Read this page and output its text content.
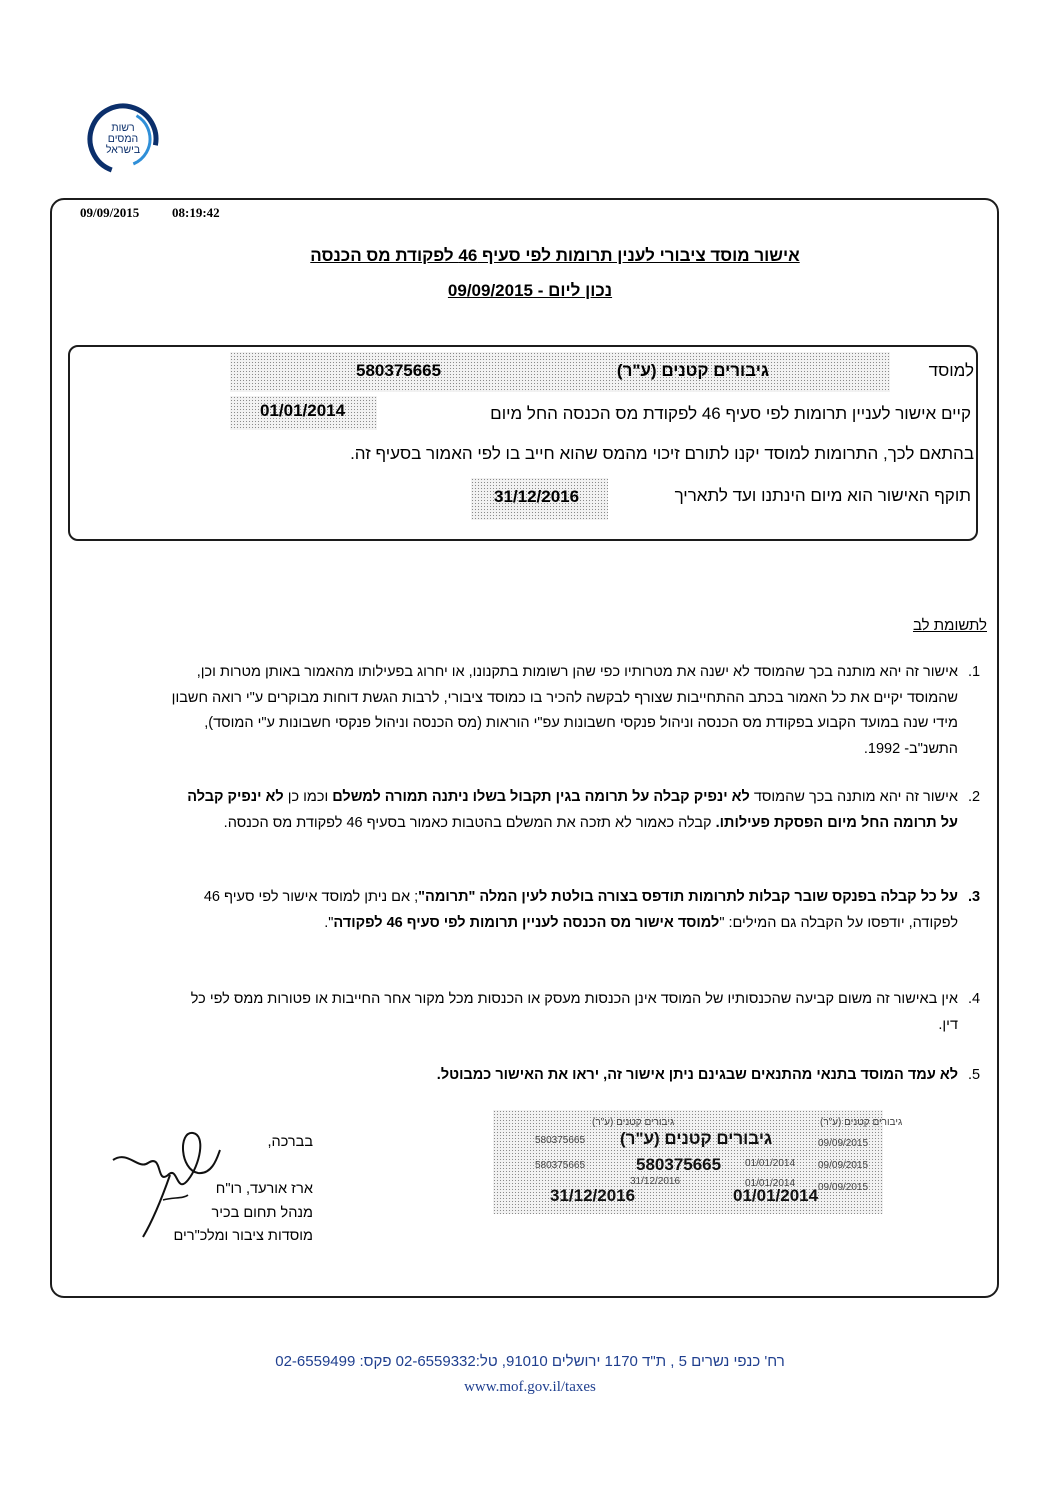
רשות
המסים
בישראל
09/09/2015	08:19:42
אישור מוסד ציבורי לענין תרומות לפי סעיף 46 לפקודת מס הכנסה
נכון ליום - 09/09/2015
למוסד
גיבורים קטנים (ע"ר)
580375665
קיים אישור לעניין תרומות לפי סעיף 46 לפקודת מס הכנסה החל מיום
01/01/2014
בהתאם לכך, התרומות למוסד יקנו לתורם זיכוי מהמס שהוא חייב בו לפי האמור בסעיף זה.
תוקף האישור הוא מיום הינתנו ועד לתאריך
31/12/2016
לתשומת לב
1.
אישור זה יהא מותנה בכך שהמוסד לא ישנה את מטרותיו כפי שהן רשומות בתקנונו, או יחרוג בפעילותו מהאמור באותן מטרות וכן, שהמוסד יקיים את כל האמור בכתב ההתחייבות שצורף לבקשה להכיר בו כמוסד ציבורי, לרבות הגשת דוחות מבוקרים ע"י רואה חשבון מידי שנה במועד הקבוע בפקודת מס הכנסה וניהול פנקסי חשבונות עפ"י הוראות (מס הכנסה וניהול פנקסי חשבונות ע"י המוסד), התשנ"ב- 1992.
2.
אישור זה יהא מותנה בכך שהמוסד לא ינפיק קבלה על תרומה בגין תקבול בשלו ניתנה תמורה למשלם וכמו כן לא ינפיק קבלה על תרומה החל מיום הפסקת פעילותו. קבלה כאמור לא תזכה את המשלם בהטבות כאמור בסעיף 46 לפקודת מס הכנסה.
3.
על כל קבלה בפנקס שובר קבלות לתרומות תודפס בצורה בולטת לעין המלה "תרומה"; אם ניתן למוסד אישור לפי סעיף 46 לפקודה, יודפסו על הקבלה גם המילים: "למוסד אישור מס הכנסה לעניין תרומות לפי סעיף 46 לפקודה".
4.
אין באישור זה משום קביעה שהכנסותיו של המוסד אינן הכנסות מעסק או הכנסות מכל מקור אחר החייבות או פטורות ממס לפי כל דין.
5.
לא עמד המוסד בתנאי מהתנאים שבגינם ניתן אישור זה, יראו את האישור כמבוטל.
בברכה,
ארז אורעד, רו"ח
מנהל תחום בכיר
מוסדות ציבור ומלכ"רים
(גיבורים קטנים (ע"ר
(גיבורים קטנים (ע"ר
(גיבורים קטנים (ע"ר
580375665	09/09/2015
580375665	580375665 01/01/2014 09/09/2015
31/12/2016	01/01/2014 09/09/2015
31/12/2016	01/01/2014
רח' כנפי נשרים 5 , ת"ד 1170 ירושלים 91010, טל:02-6559332 פקס: 02-6559499
www.mof.gov.il/taxes
